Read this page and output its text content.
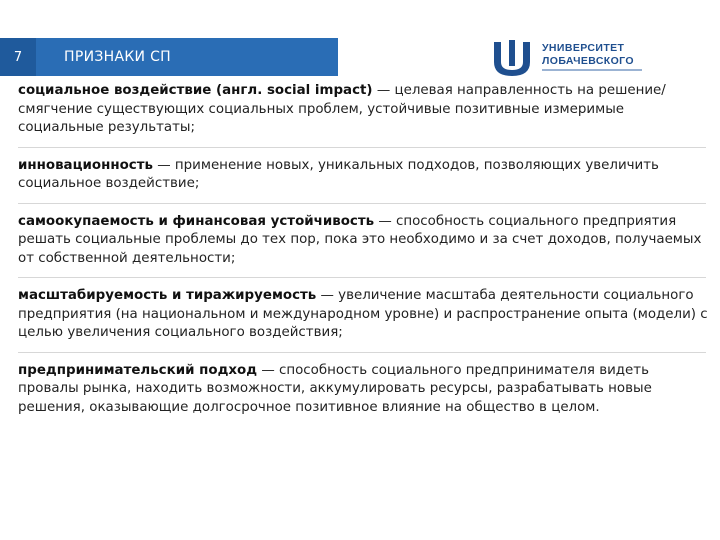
7	ПРИЗНАКИ СП
УНИВЕРСИТЕТ
ЛОБАЧЕВСКОГО

социальное воздействие (англ. social impact) — целевая направленность на решение/смягчение существующих социальных проблем, устойчивые позитивные измеримые социальные результаты;

инновационность — применение новых, уникальных подходов, позволяющих увеличить социальное воздействие;

самоокупаемость и финансовая устойчивость — способность социального предприятия решать социальные проблемы до тех пор, пока это необходимо и за счет доходов, получаемых от собственной деятельности;

масштабируемость и тиражируемость — увеличение масштаба деятельности социального предприятия (на национальном и международном уровне) и распространение опыта (модели) с целью увеличения социального воздействия;

предпринимательский подход — способность социального предпринимателя видеть провалы рынка, находить возможности, аккумулировать ресурсы, разрабатывать новые решения, оказывающие долгосрочное позитивное влияние на общество в целом.
